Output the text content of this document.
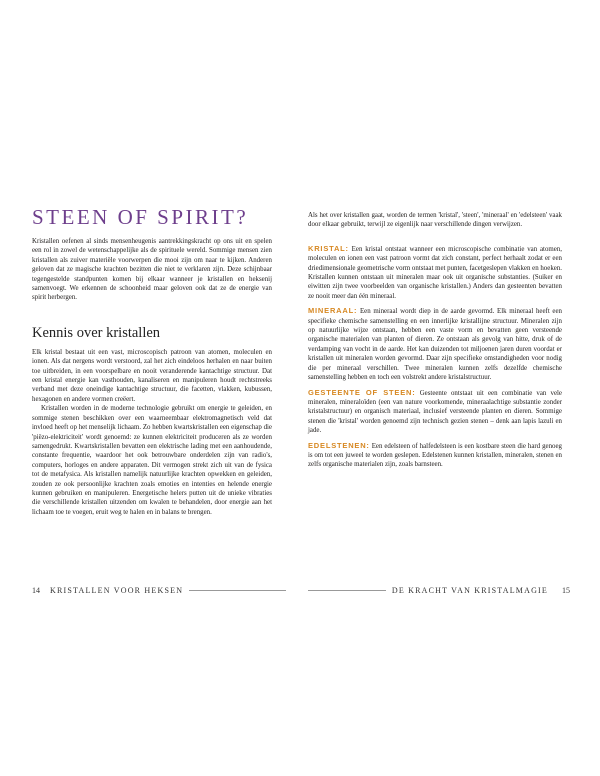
STEEN OF SPIRIT?

Kristallen oefenen al sinds mensenheugenis aantrekkingskracht op ons uit en spelen een rol in zowel de wetenschappelijke als de spirituele wereld. Sommige mensen zien kristallen als zuiver materiële voorwerpen die mooi zijn om naar te kijken. Anderen geloven dat ze magische krachten bezitten die niet te verklaren zijn. Deze schijnbaar tegengestelde standpunten komen bij elkaar wanneer je kristallen en heksenij samenvoegt. We erkennen de schoonheid maar geloven ook dat ze de energie van spirit herbergen.

Kennis over kristallen

Elk kristal bestaat uit een vast, microscopisch patroon van atomen, moleculen en ionen. Als dat nergens wordt verstoord, zal het zich eindeloos herhalen en naar buiten toe uitbreiden, in een voorspelbare en nooit veranderende kantachtige structuur. Dat een kristal energie kan vasthouden, kanaliseren en manipuleren houdt rechtstreeks verband met deze oneindige kantachtige structuur, die facetten, vlakken, kubussen, hexagonen en andere vormen creëert.

Kristallen worden in de moderne technologie gebruikt om energie te geleiden, en sommige stenen beschikken over een waarneembaar elektromagnetisch veld dat invloed heeft op het menselijk lichaam. Zo hebben kwartskristallen een eigenschap die 'piëzo-elektriciteit' wordt genoemd: ze kunnen elektriciteit produceren als ze worden samengedrukt. Kwartskristallen bevatten een elektrische lading met een aanhoudende, constante frequentie, waardoor het ook betrouwbare onderdelen zijn van radio's, computers, horloges en andere apparaten. Dit vermogen strekt zich uit van de fysica tot de metafysica. Als kristallen namelijk natuurlijke krachten opwekken en geleiden, zouden ze ook persoonlijke krachten zoals emoties en intenties en helende energie kunnen gebruiken en manipuleren. Energetische helers putten uit de unieke vibraties die verschillende kristallen uitzenden om kwalen te behandelen, door energie aan het lichaam toe te voegen, eruit weg te halen en in balans te brengen.

14 KRISTALLEN VOOR HEKSEN

Als het over kristallen gaat, worden de termen 'kristal', 'steen', 'mineraal' en 'edelsteen' vaak door elkaar gebruikt, terwijl ze eigenlijk naar verschillende dingen verwijzen.

KRISTAL: Een kristal ontstaat wanneer een microscopische combinatie van atomen, moleculen en ionen een vast patroon vormt dat zich constant, perfect herhaalt zodat er een driedimensionale geometrische vorm ontstaat met punten, facetgeslepen vlakken en hoeken. Kristallen kunnen ontstaan uit mineralen maar ook uit organische substanties. (Suiker en eiwitten zijn twee voorbeelden van organische kristallen.) Anders dan gesteenten bevatten ze nooit meer dan één mineraal.

MINERAAL: Een mineraal wordt diep in de aarde gevormd. Elk mineraal heeft een specifieke chemische samenstelling en een innerlijke kristallijne structuur. Mineralen zijn op natuurlijke wijze ontstaan, hebben een vaste vorm en bevatten geen versteende organische materialen van planten of dieren. Ze ontstaan als gevolg van hitte, druk of de verdamping van vocht in de aarde. Het kan duizenden tot miljoenen jaren duren voordat er kristallen uit mineralen worden gevormd. Daar zijn specifieke omstandigheden voor nodig die per mineraal verschillen. Twee mineralen kunnen zelfs dezelfde chemische samenstelling hebben en toch een volstrekt andere kristalstructuur.

GESTEENTE OF STEEN: Gesteente ontstaat uit een combinatie van vele mineralen, mineraloïden (een van nature voorkomende, mineraalachtige substantie zonder kristalstructuur) en organisch materiaal, inclusief versteende planten en dieren. Sommige stenen die 'kristal' worden genoemd zijn technisch gezien stenen – denk aan lapis lazuli en jade.

EDELSTENEN: Een edelsteen of halfedelsteen is een kostbare steen die hard genoeg is om tot een juweel te worden geslepen. Edelstenen kunnen kristallen, mineralen, stenen en zelfs organische materialen zijn, zoals barnsteen.

DE KRACHT VAN KRISTALMAGIE 15
